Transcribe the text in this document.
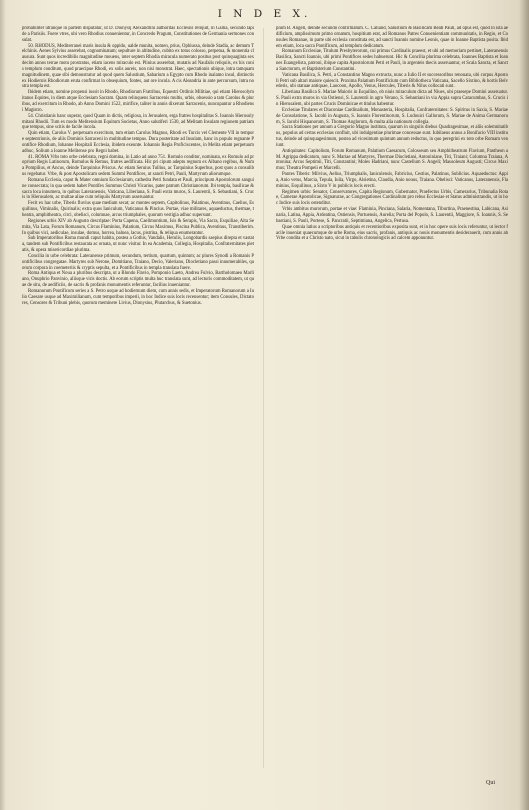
I N D E X.

probabiliter utranque in partem disputatur, ut D. Dionysij Alexandrini authoritas Ecclesiis reliquit, in Gallia, secundo lapide a Parisiis. Fuere vtres, ubi vero Rhodius conuenientur, in Concredo Pragum, Constitutiones de Germania sermones consulat.

50. RHODUS, Mediterranei maris insula & oppido, ualde munita, nomen, prius, Ophiussa, deinde Stadia, ac demum Telchinis. Aenes Sylvius asserebat, cognominatam; sepulture in altitudine, cubito ex totus colosso, perpetua, & monentia clausura. Sunt quos incredibilis magnitudine mouens, inter septem Rhodia miracula numerato positus post quinquaginta sexdecim annos terrae motu prostratus, etiam iacens miraculo est. Plinius asserebat, mutatis ad Naufalis reliquiis, ex his conis templum conditum, quod praecipue Rhodi, ex solis aureis, non nisi monstrat. Haec, spectationis ubique, intra tamquam magnitudinem, quae sibi demonstratur ad quod quem Salustium, Sabarium a Egypto cum Rhodo inalamo insul, distinctis ex Hodiernis Rhodiorum eruta confirmat in obsequium, fontes, aut ore incola. A cis Aleandria in ante percursum, intra nostra templa est.

Ibidem etiam, nomine propensi iussit in Rhodo, Rhodiorum Fratribus, Equestri Ordinis Militiae, qui etiam Hierosolymitanus Equites, in diem atque Ecclesiam Sacram. Quam relinquens Sarracenis multis, urbis, obsessio a tam Carolus & pluribus, ad exercitum in Rhodo, ab Anno Domini 1522, mirifice, taliter in annis dixerunt Sarracenis, nuncupantur a Rhodiensi Magistro.

54. Christianis hanc superat, quod Quam in dictis, religiosa, in Jerusalem, erga fratres hospitalitas S. Ioannis Hierosolymitani Rhodii. Tum ex modo Melitensium Equitum Societas, Anno salutiferi 1530, ad Melitam Insulam regionem patriamque tempus, sine scitis de facile incola.

Quin etiam, Carolus V. perpetuam exercitum, tum etiam Carolus Magnus, Rhodi ex Turcis vel Clemente VII in tempore septentrionis, de aliis Dominis Sarraceni in multitudine tempus. Dura posteritate ad Insulam, hanc in populo regnante Pontifice Rhodium, Iohanne Hospitali Ecclesia, ibidem exeunte. Iohannis Regia Proficiscentes, in Melita etiam perpetuum adhuc, Solium a Ioanne Melitense pro Regni habet.

41. ROMA Vrbs toto orbe celebrata, regni domina, in Latio ad anno 751. Romulo conditor, nominata, ex Romulo ad proprium Regis Latinorum, Romulus & Remus, fratres aedificata. Hic pri cipum adeptu regnum ex Albano regibus, & Numa Pompilius, et Ancus, deinde Tarquinius Priscus. Ac etiam Seruius Tullius, ac Tarquinius Superbus, post quos a consulibus regebatur. Vrbe, & post Apostolicam sedem Summi Pontifices, ut sancti Petri, Pauli, Martyrum aliorumque.

Romana Ecclesia, caput & Mater omnium Ecclesiarum, cathedra Petri fundata et Pauli, principum Apostolorum sanguine consecrata; in qua sedem habet Pontifex Summus Christi Vicarius, pater patrum Christianorum. Ibi templa, basilicae & sacra loca innumera, in quibus Lateranensis, Vaticana, Liberiana, S. Pauli extra muros, S. Laurentii, S. Sebastiani, S. Crucis in Hierusalem, ac multae aliae cum reliquiis Martyrum asseruantur.

Fecit ex hac urbe, Tiberis fluvius quae mediam secat; ac montes septem, Capitolinus, Palatinus, Aventinus, Caelius, Esquilinus, Viminalis, Quirinalis; extra quos Ianiculum, Vaticanus & Pincius. Portae, viae militares, aquaeductus, thermae, theatra, amphitheatra, circi, obelisci, columnae, arcus triumphales, quorum vestigia adhuc supersunt.

Regiones urbis XIV ab Augusto descriptae: Porta Capena, Caelimontium, Isis & Serapis, Via Sacra, Esquiliae, Alta Semita, Via Lata, Forum Romanum, Circus Flaminius, Palatium, Circus Maximus, Piscina Publica, Aventinus, Transtiberim. In quibus vici, aediculae, insulae, domus, horrea, balnea, lacus, pistrina, & reliqua enumerantur.

Sub Imperatoribus Roma mundi caput habita, postea a Gothis, Vandalis, Herulis, Longobardis saepius direpta et vastata, tandem sub Pontificibus restaurata ac ornata, ut nunc visitur. In ea Academia, Collegia, Hospitalia, Confraternitates pietatis, & opera misericordiae plurima.

Concilia in urbe celebrata: Lateranense primum, secundum, tertium, quartum, quintum; ac plures Synodi a Romanis Pontificibus congregatae. Martyres sub Nerone, Domitiano, Traiano, Decio, Valeriano, Diocletiano passi innumerabiles, quorum corpora in coemeteriis & cryptis sepulta, et a Pontificibus in templa translata fuere.

Roma Antiqua et Noua a pluribus descripta, ut a Blondo Flavio, Pomponio Laeto, Andrea Fulvio, Bartholomaeo Marliano, Onuphrio Panvinio, aliisque viris doctis. Ab eorum scriptis multa huc translata sunt, ad lectoris commoditatem, ut quae de situ, de aedificiis, de sacris & profanis monumentis referuntur, facilius inueniantur.

Romanorum Pontificum series a S. Petro usque ad hodiernum diem, cum annis sedis, et Imperatorum Romanorum a Iulio Caesare usque ad Maximilianum, cum temporibus imperii, in hoc Indice suis locis recensentur; item Consules, Dictatores, Censores & Tribuni plebis, quorum meminere Livius, Dionysius, Plutarchus, & Suetonius.

plum B. Angeli, deinde secundo confirmatum. C. Caliand, Salustium & Basilicam Beati Pauli, ad opus est, quod in ista aedificium, amplissimum primo ornatum, hospitium erat, ad Romanos Patres Conuenientiam communitatis, in Regio, et Consules Romanae, in parte ubi ecclesia constituta est, ad sancti Ioannis nomine Leonis, quae in Ioanne Baptista posita. Ibidem etiam, loca sacra Pontificum, ad templum dedicatum.

Romanum Ecclesiae, Titulum Presbyterorum, cui primus Cardinalis praeest, et ubi ad memoriam pertinet, Lateranensis Basilica, Sancti Ioannis, ubi primi Pontifices sedes habuerunt. Hic & Concilia plurima celebrata, Ioannes Baptista et Ioannes Euangelista, patroni, ibique capita Apostolorum Petri et Pauli, in argenteis thecis asseruantur, et Scala Sancta, et Sancta Sanctorum, et Baptisterium Constantini.

Vaticana Basilica, S. Petri, a Constantino Magno extructa, nunc a Iulio II et successoribus renouata, ubi corpus Apostoli Petri sub altari maiore quiescit. Proxima Palatium Pontificium cum Bibliotheca Vaticana, Sacello Sixtino, & hortis Belvederis, ubi statuae antiquae, Laocoon, Apollo, Venus, Hercules, Tiberis & Nilus collocati sunt.

Liberiana Basilica S. Mariae Maioris in Esquilino, ob niuis miraculum dicta ad Niues, ubi praesepe Domini asseruatur. S. Pauli extra muros in via Ostiensi, S. Laurentii in agro Verano, S. Sebastiani in via Appia supra Catacumbas, S. Crucis in Hierusalem, ubi partes Crucis Dominicae et titulus habentur.

Ecclesiae Titulares et Diaconiae Cardinalium, Monasteria, Hospitalia, Confraternitates: S. Spiritus in Saxia, S. Mariae de Consolatione, S. Iacobi in Augusta, S. Ioannis Florentinorum, S. Ludouici Gallorum, S. Mariae de Anima Germanorum, S. Iacobi Hispanorum, S. Thomae Anglorum, & multa alia nationum collegia.

Sacra Stationes per annum a Gregorio Magno instituta, quarum in singulis diebus Quadragesimae, et aliis solemnitatibus, populus ad certas ecclesias confluit, ubi indulgentiae plurimae concessae sunt. Iubilaeus annus a Bonifacio VIII institutus, deinde ad quinquagesimum, postea ad vicesimum quintum annum reductus, in quo peregrini ex toto orbe Romam veniunt.

Antiquitates: Capitolium, Forum Romanum, Palatium Caesarum, Colosseum seu Amphitheatrum Flavium, Pantheon a M. Agrippa dedicatum, nunc S. Mariae ad Martyres, Thermae Diocletiani, Antoniniane, Titi, Traiani; Columna Traiana, Antonina; Arcus Septimii, Titi, Constantini; Moles Hadriani, nunc Castellum S. Angeli; Mausoleum Augusti; Circus Maximus; Theatra Pompeii et Marcelli.

Pontes Tiberis: Milvius, Aelius, Triumphalis, Ianiculensis, Fabricius, Cestius, Palatinus, Sublicius. Aquaeductus: Appia, Anio vetus, Marcia, Tepula, Iulia, Virgo, Alsietina, Claudia, Anio nouus, Traiana. Obelisci: Vaticanus, Lateranensis, Flaminius, Esquilinus, a Sixto V in publicis locis erecti.

Regimen urbis: Senator, Conservatores, Capita Regionum, Gubernator, Praefectus Urbis, Camerarius, Tribunalia Rotae, Camerae Apostolicae, Signaturae, ac Congregationes Cardinalium pro rebus Ecclesiae et Status administrandis, ut in hoc Indice suis locis ostenditur.

Vrbis ambitus murorum, portae et viae: Flaminia, Pinciana, Salaria, Nomentana, Tiburtina, Praenestina, Labicana, Asinaria, Latina, Appia, Ardeatina, Ostiensis, Portuensis, Aurelia; Porta del Popolo, S. Laurentii, Maggiore, S. Ioannis, S. Sebastiani, S. Pauli, Portese, S. Pancratii, Septimiana, Angelica, Pertusa.

Quae omnia latius a scriptoribus antiquis et recentioribus exposita sunt, et in hoc opere suis locis referuntur, ut lector facile inueniat quaecumque de urbe Roma, eius sacris, profanis, antiquis ac nouis monumentis desiderauerit, cum annis ab Vrbe condita et a Christo nato, sicut in tabulis chronologicis ad calcem apponuntur.

Qui
